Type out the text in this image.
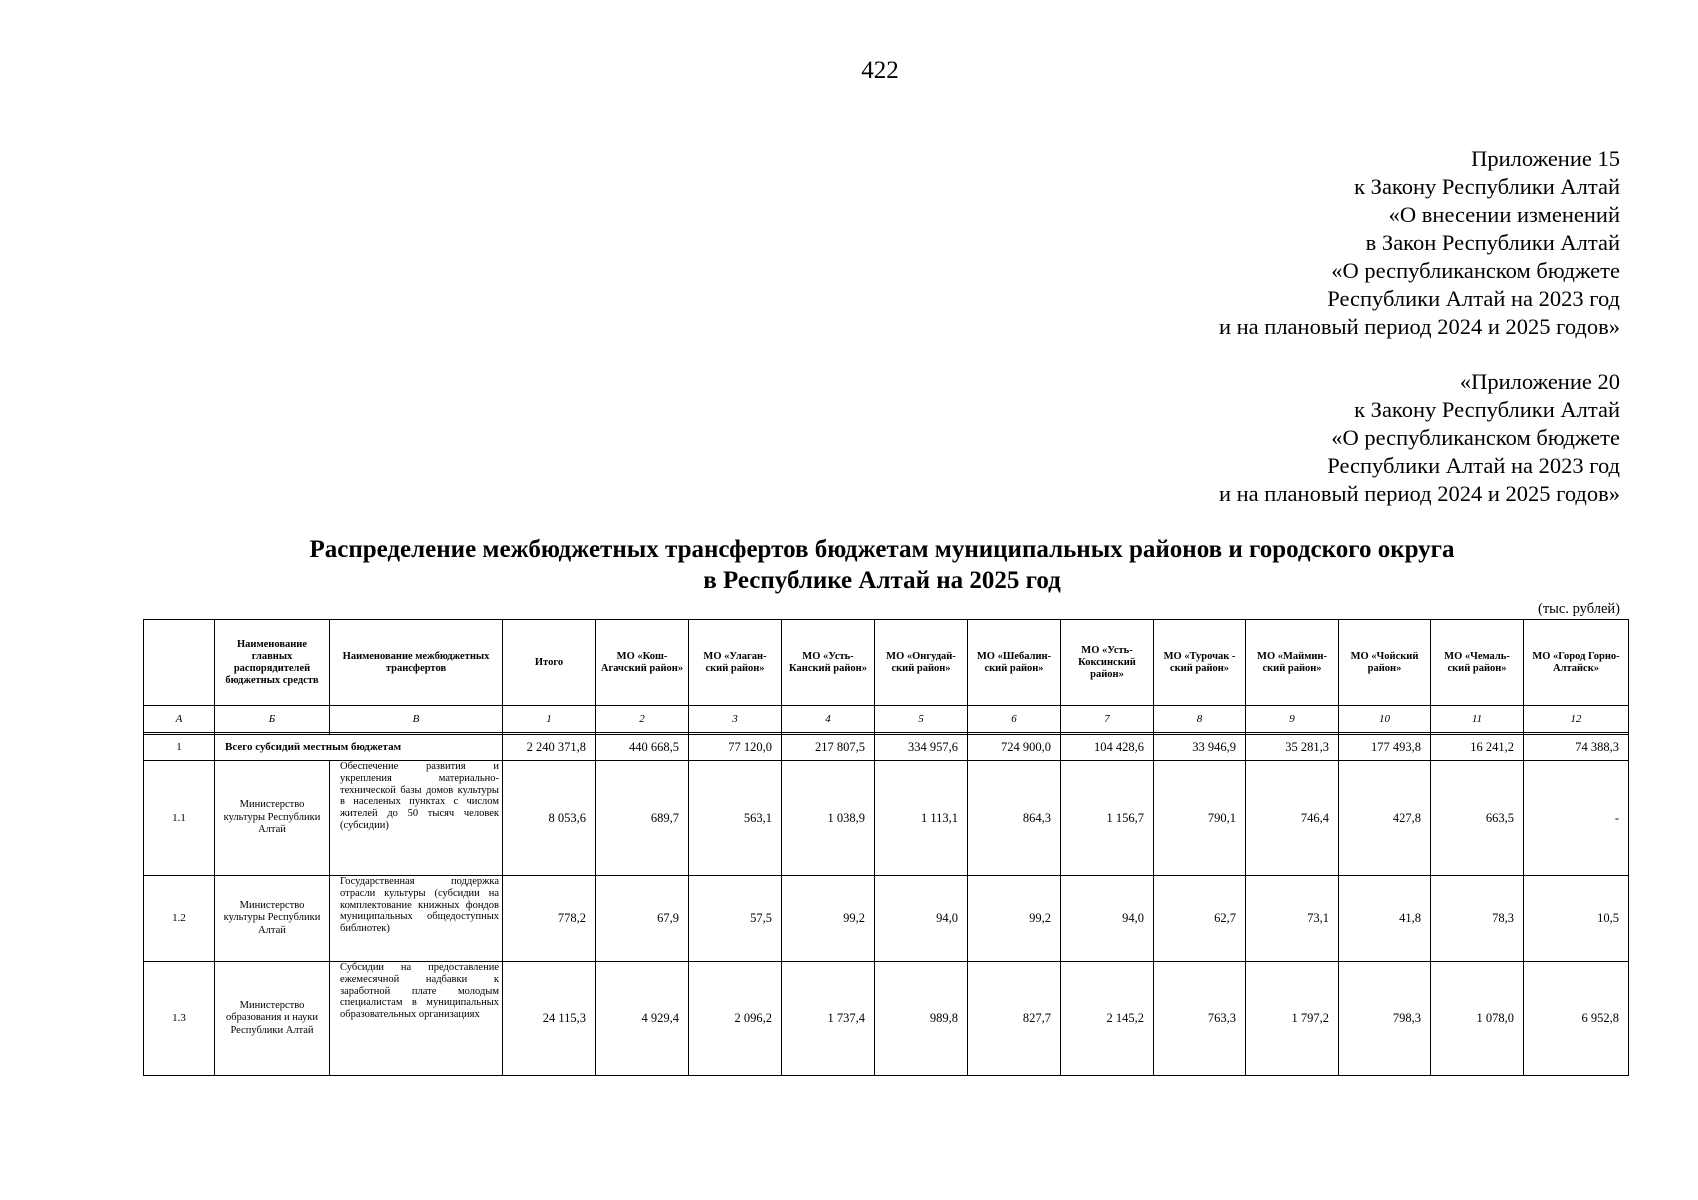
422
Приложение 15
к Закону Республики Алтай
«О внесении изменений
в Закон Республики Алтай
«О республиканском бюджете
Республики Алтай на 2023 год
и на плановый период 2024 и 2025 годов»
«Приложение 20
к Закону Республики Алтай
«О республиканском бюджете
Республики Алтай на 2023 год
и на плановый период 2024 и 2025 годов»
Распределение межбюджетных трансфертов бюджетам муниципальных районов и городского округа
в Республике Алтай на 2025 год
(тыс. рублей)
	Наименование главных распорядителей бюджетных средств	Наименование межбюджетных трансфертов	Итого	МО «Кош-Агачский район»	МО «Улаган-ский район»	МО «Усть-Канский район»	МО «Онгудай-ский район»	МО «Шебалин-ский район»	МО «Усть-Коксинский район»	МО «Турочак - ский район»	МО «Маймин-ский район»	МО «Чойский район»	МО «Чемаль-ский район»	МО «Город Горно-Алтайск»
А	Б	В	1	2	3	4	5	6	7	8	9	10	11	12

1	Всего субсидий местным бюджетам		2 240 371,8	440 668,5	77 120,0	217 807,5	334 957,6	724 900,0	104 428,6	33 946,9	35 281,3	177 493,8	16 241,2	74 388,3
1.1	Министерство культуры Республики Алтай	Обеспечение развития и укрепления материально-технической базы домов культуры в населеных пунктах с числом жителей до 50 тысяч человек (субсидии)	8 053,6	689,7	563,1	1 038,9	1 113,1	864,3	1 156,7	790,1	746,4	427,8	663,5	-
1.2	Министерство культуры Республики Алтай	Государственная поддержка отрасли культуры (субсидии на комплектование книжных фондов муниципальных общедоступных библиотек)	778,2	67,9	57,5	99,2	94,0	99,2	94,0	62,7	73,1	41,8	78,3	10,5
1.3	Министерство образования и науки Республики Алтай	Субсидии на предоставление ежемесячной надбавки к заработной плате молодым специалистам в муниципальных образовательных организациях	24 115,3	4 929,4	2 096,2	1 737,4	989,8	827,7	2 145,2	763,3	1 797,2	798,3	1 078,0	6 952,8
